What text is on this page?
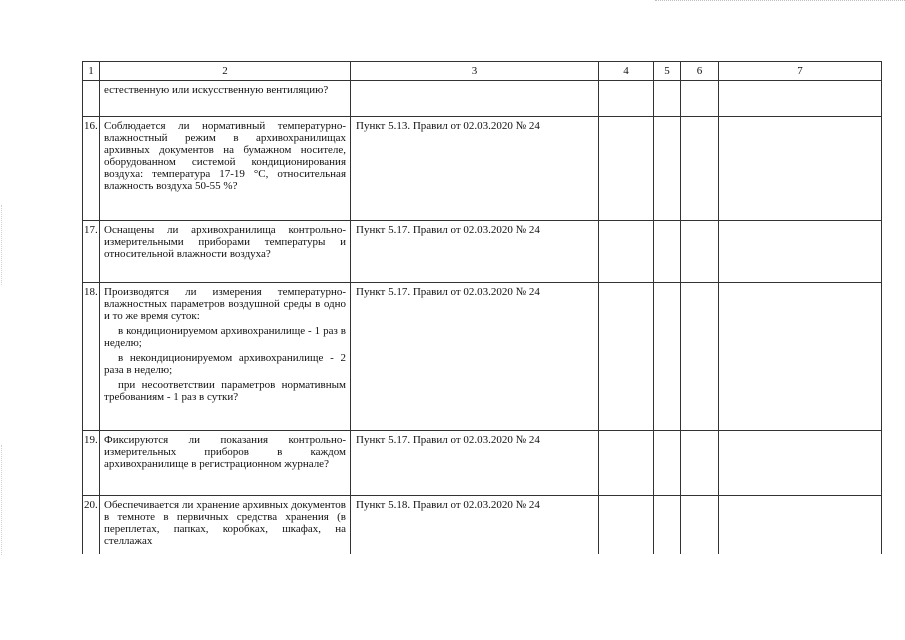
1	2	3	4	5	6	7
	естественную или искусственную вентиляцию?					
16.	Соблюдается ли нормативный температурно-влажностный режим в архивохранилищах архивных документов на бумажном носителе, оборудованном системой кондиционирования воздуха: температура 17-19 °С, относительная влажность воздуха 50-55 %?	Пункт 5.13. Правил от 02.03.2020 № 24				
17.	Оснащены ли архивохранилища контрольно-измерительными приборами температуры и относительной влажности воздуха?	Пункт 5.17. Правил от 02.03.2020 № 24				
18.	Производятся ли измерения температурно-влажностных параметров воздушной среды в одно и то же время суток:
в кондиционируемом архивохранилище - 1 раз в неделю;
в некондиционируемом архивохранилище - 2 раза в неделю;
при несоответствии параметров нормативным требованиям - 1 раз в сутки?	Пункт 5.17. Правил от 02.03.2020 № 24				
19.	Фиксируются ли показания контрольно-измерительных приборов в каждом архивохранилище в регистрационном журнале?	Пункт 5.17. Правил от 02.03.2020 № 24				
20.	Обеспечивается ли хранение архивных документов в темноте в первичных средства хранения (в переплетах, папках, коробках, шкафах, на стеллажах	Пункт 5.18. Правил от 02.03.2020 № 24				
